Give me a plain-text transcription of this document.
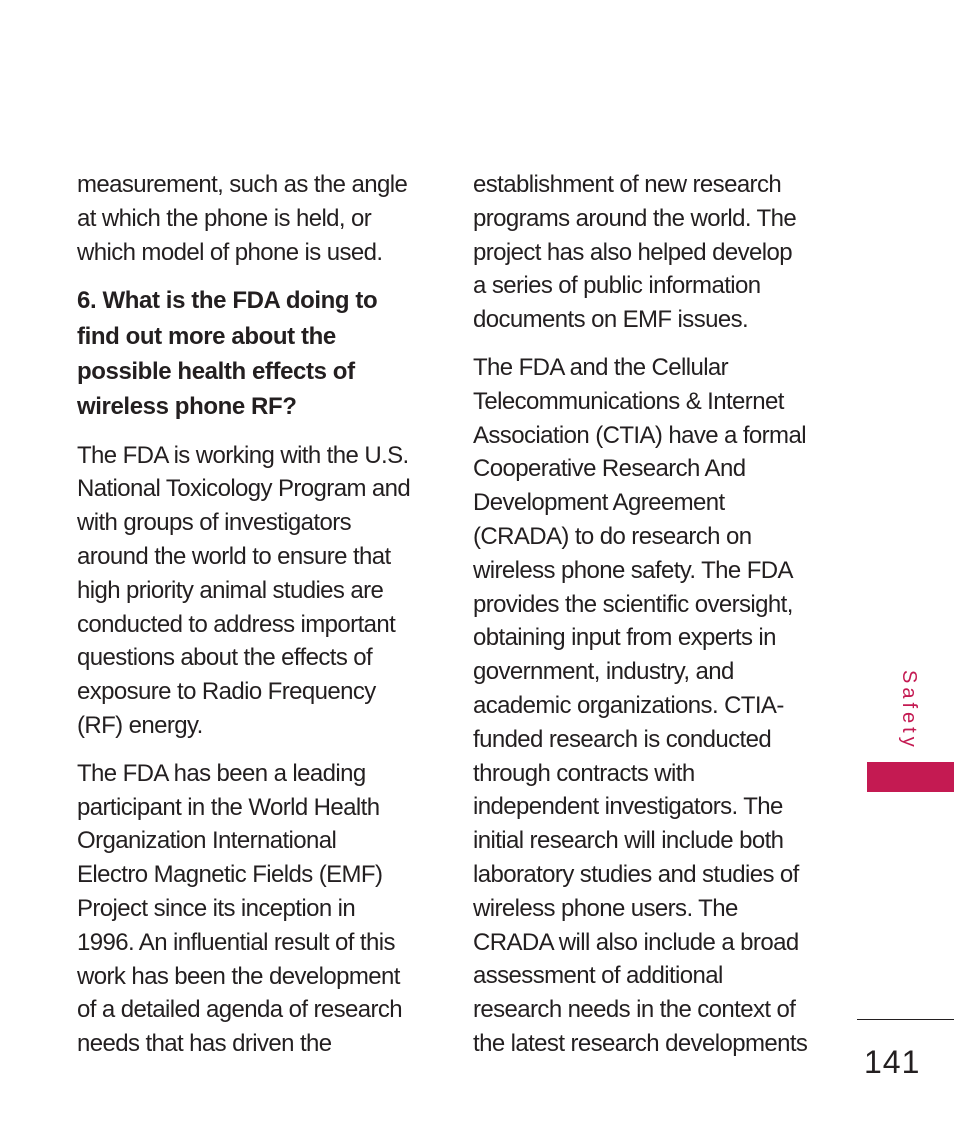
measurement, such as the angle
at which the phone is held, or
which model of phone is used.

6. What is the FDA doing to
find out more about the
possible health effects of
wireless phone RF?

The FDA is working with the U.S.
National Toxicology Program and
with groups of investigators
around the world to ensure that
high priority animal studies are
conducted to address important
questions about the effects of
exposure to Radio Frequency
(RF) energy.

The FDA has been a leading
participant in the World Health
Organization International
Electro Magnetic Fields (EMF)
Project since its inception in
1996. An influential result of this
work has been the development
of a detailed agenda of research
needs that has driven the

establishment of new research
programs around the world. The
project has also helped develop
a series of public information
documents on EMF issues.

The FDA and the Cellular
Telecommunications & Internet
Association (CTIA) have a formal
Cooperative Research And
Development Agreement
(CRADA) to do research on
wireless phone safety. The FDA
provides the scientific oversight,
obtaining input from experts in
government, industry, and
academic organizations. CTIA-
funded research is conducted
through contracts with
independent investigators. The
initial research will include both
laboratory studies and studies of
wireless phone users. The
CRADA will also include a broad
assessment of additional
research needs in the context of
the latest research developments

Safety
141
